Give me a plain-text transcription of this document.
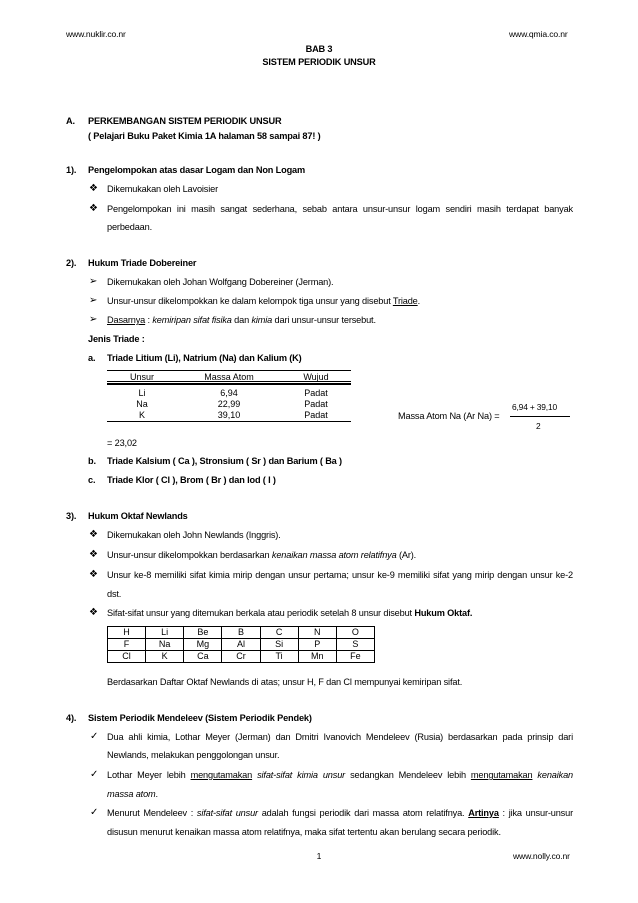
www.nuklir.co.nr	www.qmia.co.nr
BAB 3
SISTEM PERIODIK UNSUR
A. PERKEMBANGAN SISTEM PERIODIK UNSUR
( Pelajari Buku Paket Kimia 1A halaman 58 sampai 87! )
1). Pengelompokan atas dasar Logam dan Non Logam
❖ Dikemukakan oleh Lavoisier
❖ Pengelompokan ini masih sangat sederhana, sebab antara unsur-unsur logam sendiri masih terdapat banyak
perbedaan.
2). Hukum Triade Dobereiner
➢ Dikemukakan oleh Johan Wolfgang Dobereiner (Jerman).
➢ Unsur-unsur dikelompokkan ke dalam kelompok tiga unsur yang disebut Triade.
➢ Dasarnya : kemiripan sifat fisika dan kimia dari unsur-unsur tersebut.
Jenis Triade :
a. Triade Litium (Li), Natrium (Na) dan Kalium (K)
Unsur	Massa Atom	Wujud
Li	6,94	Padat
Na	22,99	Padat
K	39,10	Padat	Massa Atom Na (Ar Na) =
6,94 + 39,10
2
= 23,02
b. Triade Kalsium ( Ca ), Stronsium ( Sr ) dan Barium ( Ba )
c. Triade Klor ( Cl ), Brom ( Br ) dan Iod ( I )
3). Hukum Oktaf Newlands
❖ Dikemukakan oleh John Newlands (Inggris).
❖ Unsur-unsur dikelompokkan berdasarkan kenaikan massa atom relatifnya (Ar).
❖ Unsur ke-8 memiliki sifat kimia mirip dengan unsur pertama; unsur ke-9 memiliki sifat yang mirip dengan unsur ke-2
dst.
❖ Sifat-sifat unsur yang ditemukan berkala atau periodik setelah 8 unsur disebut Hukum Oktaf.
H	Li	Be	B	C	N	O
F	Na	Mg	Al	Si	P	S
Cl	K	Ca	Cr	Ti	Mn	Fe
Berdasarkan Daftar Oktaf Newlands di atas; unsur H, F dan Cl mempunyai kemiripan sifat.
4). Sistem Periodik Mendeleev (Sistem Periodik Pendek)
✓ Dua ahli kimia, Lothar Meyer (Jerman) dan Dmitri Ivanovich Mendeleev (Rusia) berdasarkan pada prinsip dari
Newlands, melakukan penggolongan unsur.
✓ Lothar Meyer lebih mengutamakan sifat-sifat kimia unsur sedangkan Mendeleev lebih mengutamakan kenaikan
massa atom.
✓ Menurut Mendeleev : sifat-sifat unsur adalah fungsi periodik dari massa atom relatifnya. Artinya : jika unsur-unsur
disusun menurut kenaikan massa atom relatifnya, maka sifat tertentu akan berulang secara periodik.
1	www.nolly.co.nr
